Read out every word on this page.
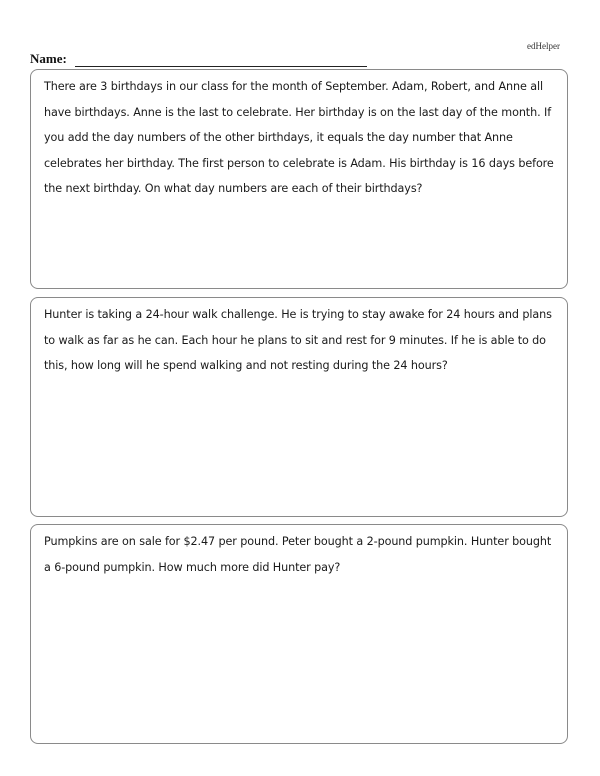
edHelper
Name:

There are 3 birthdays in our class for the month of September. Adam, Robert, and Anne all have birthdays. Anne is the last to celebrate. Her birthday is on the last day of the month. If you add the day numbers of the other birthdays, it equals the day number that Anne celebrates her birthday. The first person to celebrate is Adam. His birthday is 16 days before the next birthday. On what day numbers are each of their birthdays?

Hunter is taking a 24-hour walk challenge. He is trying to stay awake for 24 hours and plans to walk as far as he can. Each hour he plans to sit and rest for 9 minutes. If he is able to do this, how long will he spend walking and not resting during the 24 hours?

Pumpkins are on sale for $2.47 per pound. Peter bought a 2-pound pumpkin. Hunter bought a 6-pound pumpkin. How much more did Hunter pay?
